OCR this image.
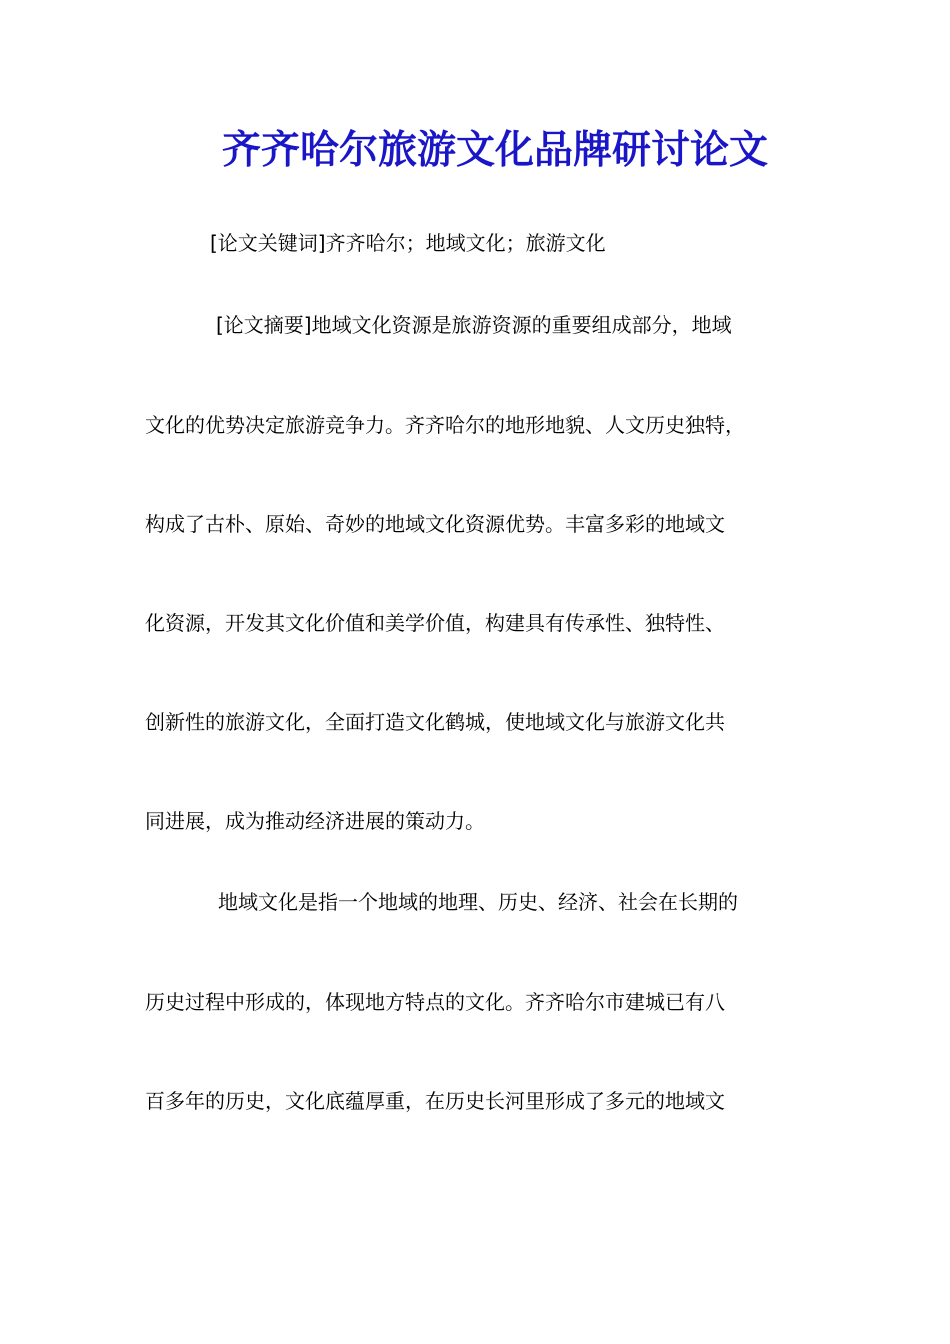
齐齐哈尔旅游文化品牌研讨论文
[论文关键词]齐齐哈尔；地域文化；旅游文化
[论文摘要]地域文化资源是旅游资源的重要组成部分，地域
文化的优势决定旅游竞争力。齐齐哈尔的地形地貌、人文历史独特，
构成了古朴、原始、奇妙的地域文化资源优势。丰富多彩的地域文
化资源，开发其文化价值和美学价值，构建具有传承性、独特性、
创新性的旅游文化，全面打造文化鹤城，使地域文化与旅游文化共
同进展，成为推动经济进展的策动力。
地域文化是指一个地域的地理、历史、经济、社会在长期的
历史过程中形成的，体现地方特点的文化。齐齐哈尔市建城已有八
百多年的历史，文化底蕴厚重，在历史长河里形成了多元的地域文
